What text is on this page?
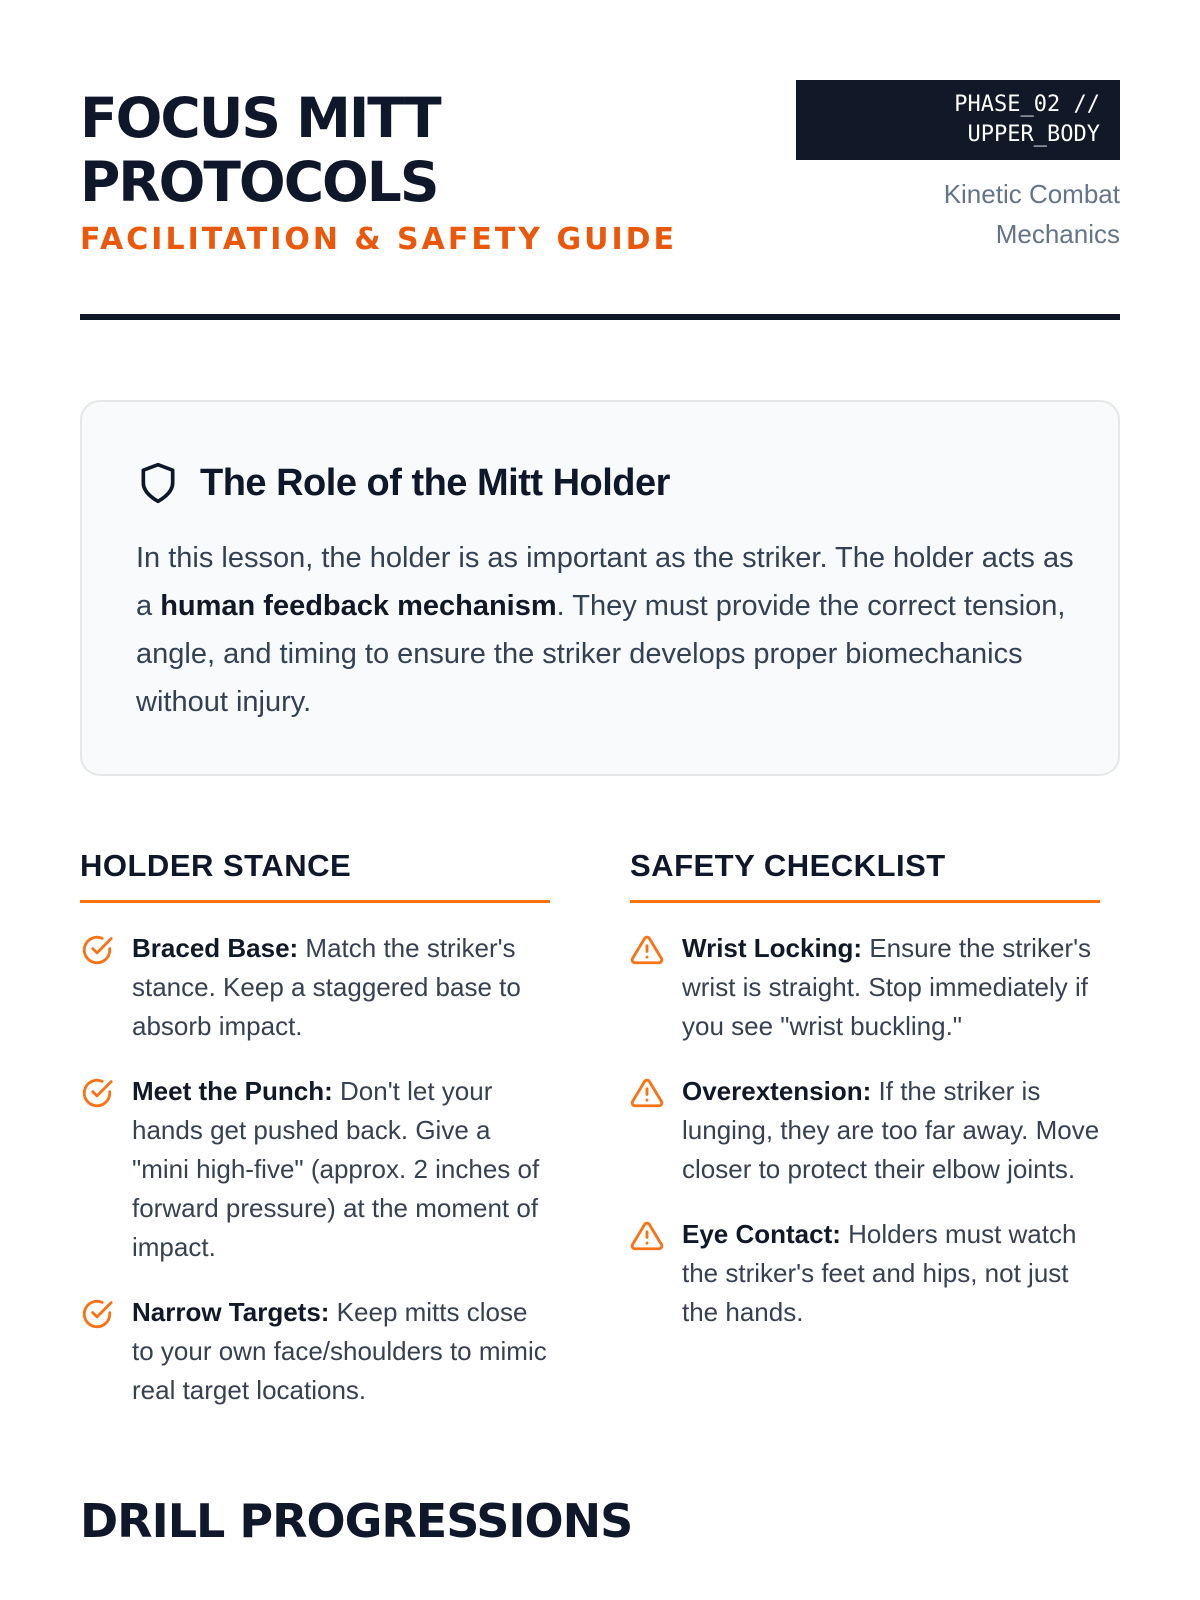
FOCUS MITT
PROTOCOLS
FACILITATION & SAFETY GUIDE
PHASE_02 //
UPPER_BODY
Kinetic Combat
Mechanics
The Role of the Mitt Holder
In this lesson, the holder is as important as the striker. The holder acts as a human feedback mechanism. They must provide the correct tension, angle, and timing to ensure the striker develops proper biomechanics without injury.
HOLDER STANCE
Braced Base: Match the striker's stance. Keep a staggered base to absorb impact.
Meet the Punch: Don't let your hands get pushed back. Give a "mini high-five" (approx. 2 inches of forward pressure) at the moment of impact.
Narrow Targets: Keep mitts close to your own face/shoulders to mimic real target locations.
SAFETY CHECKLIST
Wrist Locking: Ensure the striker's wrist is straight. Stop immediately if you see "wrist buckling."
Overextension: If the striker is lunging, they are too far away. Move closer to protect their elbow joints.
Eye Contact: Holders must watch the striker's feet and hips, not just the hands.
DRILL PROGRESSIONS
